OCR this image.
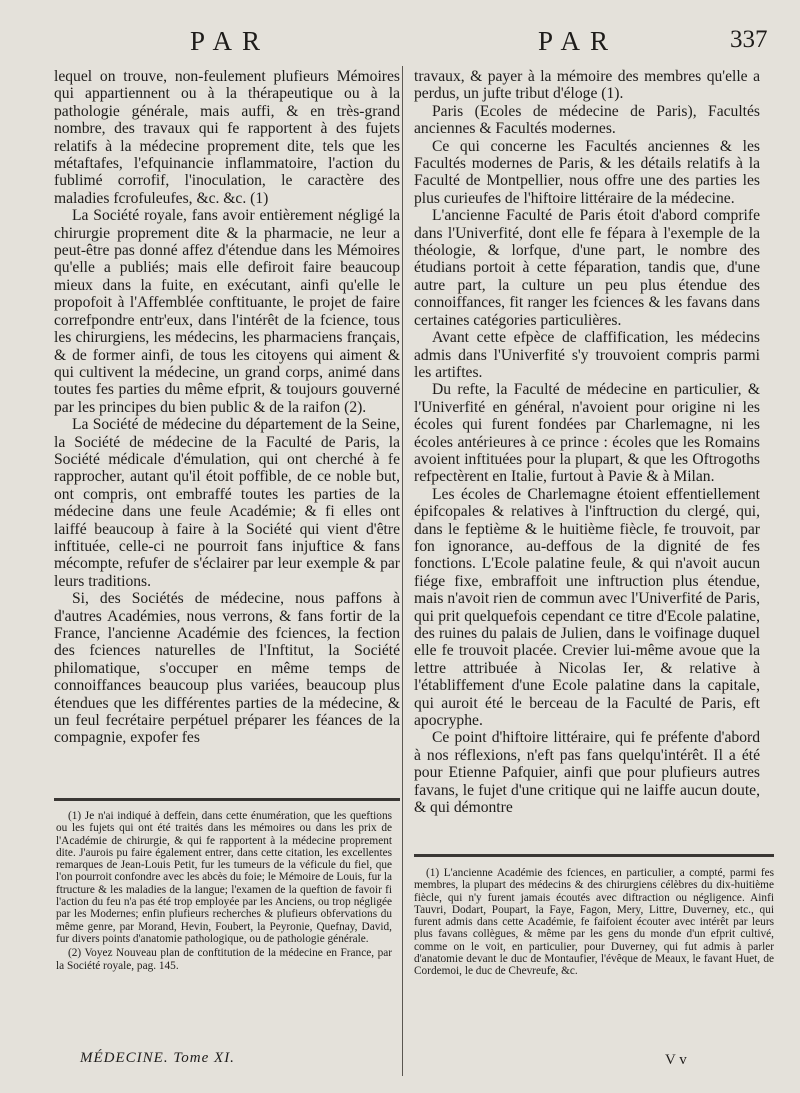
PAR	PAR	337

lequel on trouve, non-feulement plufieurs Mémoires qui appartiennent ou à la thérapeutique ou à la pathologie générale, mais auffi, & en très-grand nombre, des travaux qui fe rapportent à des fujets relatifs à la médecine proprement dite, tels que les métaftafes, l'efquinancie inflammatoire, l'action du fublimé corrofif, l'inoculation, le caractère des maladies fcrofuleufes, &c. &c. (1)

La Société royale, fans avoir entièrement négligé la chirurgie proprement dite & la pharmacie, ne leur a peut-être pas donné affez d'étendue dans les Mémoires qu'elle a publiés; mais elle defiroit faire beaucoup mieux dans la fuite, en exécutant, ainfi qu'elle le propofoit à l'Affemblée conftituante, le projet de faire correfpondre entr'eux, dans l'intérêt de la fcience, tous les chirurgiens, les médecins, les pharmaciens français, & de former ainfi, de tous les citoyens qui aiment & qui cultivent la médecine, un grand corps, animé dans toutes fes parties du même efprit, & toujours gouverné par les principes du bien public & de la raifon (2).

La Société de médecine du département de la Seine, la Société de médecine de la Faculté de Paris, la Société médicale d'émulation, qui ont cherché à fe rapprocher, autant qu'il étoit poffible, de ce noble but, ont compris, ont embraffé toutes les parties de la médecine dans une feule Académie; & fi elles ont laiffé beaucoup à faire à la Société qui vient d'être inftituée, celle-ci ne pourroit fans injuftice & fans mécompte, refufer de s'éclairer par leur exemple & par leurs traditions.

Si, des Sociétés de médecine, nous paffons à d'autres Académies, nous verrons, & fans fortir de la France, l'ancienne Académie des fciences, la fection des fciences naturelles de l'Inftitut, la Société philomatique, s'occuper en même temps de connoiffances beaucoup plus variées, beaucoup plus étendues que les différentes parties de la médecine, & un feul fecrétaire perpétuel préparer les féances de la compagnie, expofer fes

travaux, & payer à la mémoire des membres qu'elle a perdus, un jufte tribut d'éloge (1).

Paris (Ecoles de médecine de Paris), Facultés anciennes & Facultés modernes.

Ce qui concerne les Facultés anciennes & les Facultés modernes de Paris, & les détails relatifs à la Faculté de Montpellier, nous offre une des parties les plus curieufes de l'hiftoire littéraire de la médecine.

L'ancienne Faculté de Paris étoit d'abord comprife dans l'Univerfité, dont elle fe fépara à l'exemple de la théologie, & lorfque, d'une part, le nombre des étudians portoit à cette féparation, tandis que, d'une autre part, la culture un peu plus étendue des connoiffances, fit ranger les fciences & les favans dans certaines catégories particulières.

Avant cette efpèce de claffification, les médecins admis dans l'Univerfité s'y trouvoient compris parmi les artiftes.

Du refte, la Faculté de médecine en particulier, & l'Univerfité en général, n'avoient pour origine ni les écoles qui furent fondées par Charlemagne, ni les écoles antérieures à ce prince : écoles que les Romains avoient inftituées pour la plupart, & que les Oftrogoths refpectèrent en Italie, furtout à Pavie & à Milan.

Les écoles de Charlemagne étoient effentiellement épifcopales & relatives à l'inftruction du clergé, qui, dans le feptième & le huitième fiècle, fe trouvoit, par fon ignorance, au-deffous de la dignité de fes fonctions. L'Ecole palatine feule, & qui n'avoit aucun fiége fixe, embraffoit une inftruction plus étendue, mais n'avoit rien de commun avec l'Univerfité de Paris, qui prit quelquefois cependant ce titre d'Ecole palatine, des ruines du palais de Julien, dans le voifinage duquel elle fe trouvoit placée. Crevier lui-même avoue que la lettre attribuée à Nicolas Ier, & relative à l'établiffement d'une Ecole palatine dans la capitale, qui auroit été le berceau de la Faculté de Paris, eft apocryphe.

Ce point d'hiftoire littéraire, qui fe préfente d'abord à nos réflexions, n'eft pas fans quelqu'intérêt. Il a été pour Etienne Pafquier, ainfi que pour plufieurs autres favans, le fujet d'une critique qui ne laiffe aucun doute, & qui démontre

(1) Je n'ai indiqué à deffein, dans cette énumération, que les queftions ou les fujets qui ont été traités dans les mémoires ou dans les prix de l'Académie de chirurgie, & qui fe rapportent à la médecine proprement dite. J'aurois pu faire également entrer, dans cette citation, les excellentes remarques de Jean-Louis Petit, fur les tumeurs de la véficule du fiel, que l'on pourroit confondre avec les abcès du foie; le Mémoire de Louis, fur la ftructure & les maladies de la langue; l'examen de la queftion de favoir fi l'action du feu n'a pas été trop employée par les Anciens, ou trop négligée par les Modernes; enfin plufieurs recherches & plufieurs obfervations du même genre, par Morand, Hevin, Foubert, la Peyronie, Quefnay, David, fur divers points d'anatomie pathologique, ou de pathologie générale.

(2) Voyez Nouveau plan de conftitution de la médecine en France, par la Société royale, pag. 145.

(1) L'ancienne Académie des fciences, en particulier, a compté, parmi fes membres, la plupart des médecins & des chirurgiens célèbres du dix-huitième fiècle, qui n'y furent jamais écoutés avec diftraction ou négligence. Ainfi Tauvri, Dodart, Poupart, la Faye, Fagon, Mery, Littre, Duverney, etc., qui furent admis dans cette Académie, fe faifoient écouter avec intérêt par leurs plus favans collègues, & même par les gens du monde d'un efprit cultivé, comme on le voit, en particulier, pour Duverney, qui fut admis à parler d'anatomie devant le duc de Montaufier, l'évêque de Meaux, le favant Huet, de Cordemoi, le duc de Chevreufe, &c.

MÉDECINE. Tome XI.	V v
